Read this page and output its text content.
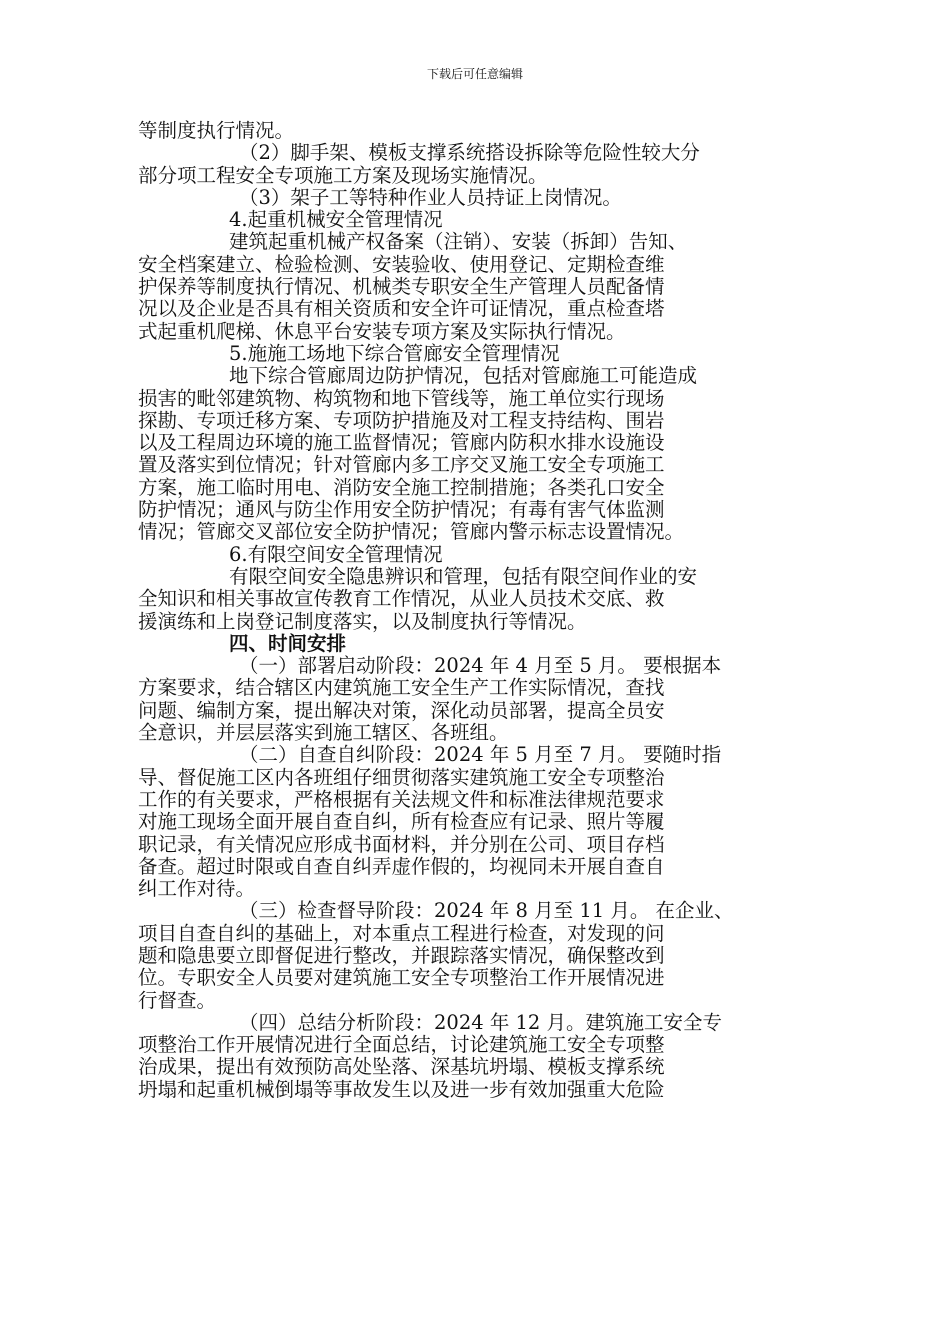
下载后可任意编辑
等制度执行情况。
（2）脚手架、模板支撑系统搭设拆除等危险性较大分
部分项工程安全专项施工方案及现场实施情况。
（3）架子工等特种作业人员持证上岗情况。
4.起重机械安全管理情况
建筑起重机械产权备案（注销）、安装（拆卸）告知、
安全档案建立、检验检测、安装验收、使用登记、定期检查维
护保养等制度执行情况、机械类专职安全生产管理人员配备情
况以及企业是否具有相关资质和安全许可证情况，重点检查塔
式起重机爬梯、休息平台安装专项方案及实际执行情况。
5.施施工场地下综合管廊安全管理情况
地下综合管廊周边防护情况，包括对管廊施工可能造成
损害的毗邻建筑物、构筑物和地下管线等，施工单位实行现场
探勘、专项迁移方案、专项防护措施及对工程支持结构、围岩
以及工程周边环境的施工监督情况；管廊内防积水排水设施设
置及落实到位情况；针对管廊内多工序交叉施工安全专项施工
方案，施工临时用电、消防安全施工控制措施；各类孔口安全
防护情况；通风与防尘作用安全防护情况；有毒有害气体监测
情况；管廊交叉部位安全防护情况；管廊内警示标志设置情况。
6.有限空间安全管理情况
有限空间安全隐患辨识和管理，包括有限空间作业的安
全知识和相关事故宣传教育工作情况，从业人员技术交底、救
援演练和上岗登记制度落实，以及制度执行等情况。
四、时间安排
（一）部署启动阶段：2024 年 4 月至 5 月。 要根据本
方案要求，结合辖区内建筑施工安全生产工作实际情况，查找
问题、编制方案，提出解决对策，深化动员部署，提高全员安
全意识，并层层落实到施工辖区、各班组。
（二）自查自纠阶段：2024 年 5 月至 7 月。 要随时指
导、督促施工区内各班组仔细贯彻落实建筑施工安全专项整治
工作的有关要求，严格根据有关法规文件和标准法律规范要求
对施工现场全面开展自查自纠，所有检查应有记录、照片等履
职记录，有关情况应形成书面材料，并分别在公司、项目存档
备查。超过时限或自查自纠弄虚作假的，均视同未开展自查自
纠工作对待。
（三）检查督导阶段：2024 年 8 月至 11 月。 在企业、
项目自查自纠的基础上，对本重点工程进行检查，对发现的问
题和隐患要立即督促进行整改，并跟踪落实情况，确保整改到
位。专职安全人员要对建筑施工安全专项整治工作开展情况进
行督查。
（四）总结分析阶段：2024 年 12 月。建筑施工安全专
项整治工作开展情况进行全面总结，讨论建筑施工安全专项整
治成果，提出有效预防高处坠落、深基坑坍塌、模板支撑系统
坍塌和起重机械倒塌等事故发生以及进一步有效加强重大危险
